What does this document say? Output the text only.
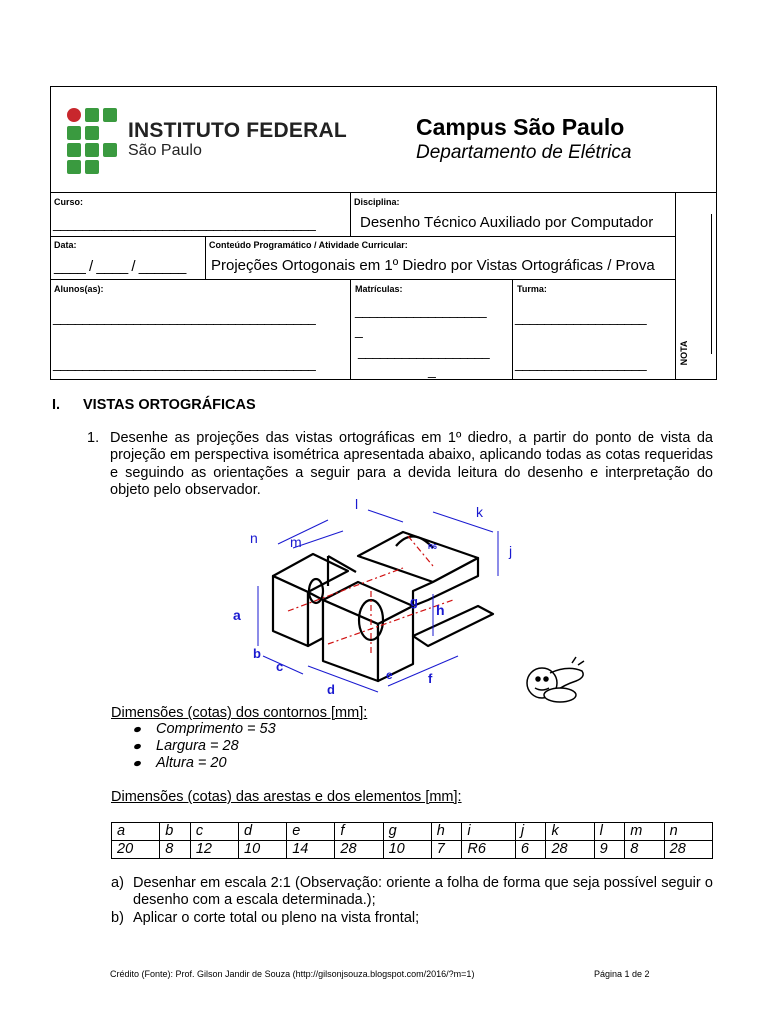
INSTITUTO FEDERAL
São Paulo
Campus São Paulo
Departamento de Elétrica
Curso:
____________________________________
Disciplina:
Desenho Técnico Auxiliado por Computador
Data:
____ / ____ / ______
Conteúdo Programático / Atividade Curricular:
Projeções Ortogonais em 1º Diedro por Vistas Ortográficas / Prova
Alunos(as):
____________________________________
____________________________________
Matrículas:
__________________
_
__________________
_
Turma:
__________________
__________________	NOTA
I. VISTAS ORTOGRÁFICAS
1. Desenhe as projeções das vistas ortográficas em 1º diedro, a partir do ponto de vista da projeção em perspectiva isométrica apresentada abaixo, aplicando todas as cotas requeridas e seguindo as orientações a seguir para a devida leitura do desenho e interpretação do objeto pelo observador.
l	k
n m
j
a
g
h
b
c
e	f
d
R6
Dimensões (cotas) dos contornos [mm]:
Comprimento = 53
Largura = 28
Altura = 20
Dimensões (cotas) das arestas e dos elementos [mm]:
a	b	c	d	e	f	g	h	i	j	k	l	m	n
20	8	12	10	14	28	10	7	R6	6	28	9	8	28
a) Desenhar em escala 2:1 (Observação: oriente a folha de forma que seja possível seguir o desenho com a escala determinada.);
b) Aplicar o corte total ou pleno na vista frontal;
Crédito (Fonte): Prof. Gilson Jandir de Souza (http://gilsonjsouza.blogspot.com/2016/?m=1)	Página 1 de 2
